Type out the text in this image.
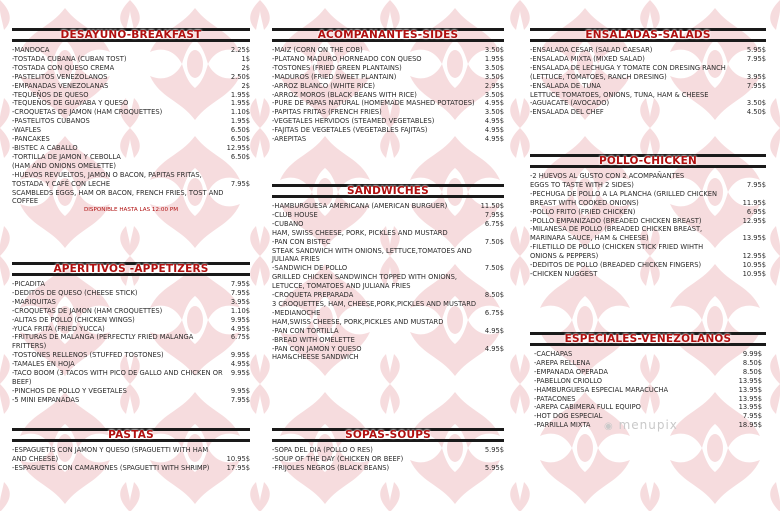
DESAYUNO-BREAKFAST
-MANDOCA	2.25$
-TOSTADA CUBANA (CUBAN TOST)	1$
-TOSTADA CON QUESO CREMA	2$
-PASTELITOS VENEZOLANOS	2.50$
-EMPANADAS VENEZOLANAS	2$
-TEQUEÑOS DE QUESO	1.95$
-TEQUEÑOS DE GUAYABA Y QUESO	1.95$
-CROQUETAS DE JAMON (HAM CROQUETTES)	1.10$
-PASTELITOS CUBANOS	1.95$
-WAFLES	6.50$
-PANCAKES	6.50$
-BISTEC A CABALLO	12.95$
-TORTILLA DE JAMON Y CEBOLLA	6.50$
(HAM AND ONIONS OMELETTE)
-HUEVOS REVUELTOS, JAMON O BACON, PAPITAS FRITAS,
TOSTADA Y CAFÉ CON LECHE	7.95$
SCAMBLEDS EGGS, HAM OR BACON, FRENCH FRIES, TOST AND COFFEE
DISPONIBLE HASTA LAS 12:00 PM
APERITIVOS -APPETIZERS
-PICADITA	7.95$
-DEDITOS DE QUESO (CHEESE STICK)	7.95$
-MARIQUITAS	3.95$
-CROQUETAS DE JAMON (HAM CROQUETTES)	1.10$
-ALITAS DE POLLO (CHICKEN WINGS)	9.95$
-YUCA FRITA (FRIED YUCCA)	4.95$
-FRITURAS DE MALANGA (PERFECTLY FRIED MALANGA FRITTERS)
6.75$
-TOSTONES RELLENOS (STUFFED TOSTONES)	9.95$
-TAMALES EN HOJA	4.95$
-TACO BOOM (3 TACOS WITH PICO DE GALLO AND CHICKEN OR BEEF)
9.95$
-PINCHOS DE POLLO Y VEGETALES	9.95$
-5 MINI EMPANADAS	7.95$
PASTAS
-ESPAGUETIS CON JAMON Y QUESO (SPAGUETTI WITH HAM
AND CHEESE)	10.95$
-ESPAGUETIS CON CAMARONES (SPAGUETTI WITH SHRIMP)	17.95$
ACOMPANANTES-SIDES
-MAIZ (CORN ON THE COB)	3.50$
-PLATANO MADURO HORNEADO CON QUESO	1.95$
-TOSTONES (FRIED GREEN PLANTAINS)	3.50$
-MADUROS (FRIED SWEET PLANTAIN)	3.50$
-ARROZ BLANCO (WHITE RICE)	2.95$
-ARROZ MOROS (BLACK BEANS WITH RICE)	3.50$
-PURE DE PAPAS NATURAL (HOMEMADE MASHED POTATOES)	4.95$
-PAPITAS FRITAS (FRENCH FRIES)	3.50$
-VEGETALES HERVIDOS (STEAMED VEGETABLES)	4.95$
-FAJITAS DE VEGETALES (VEGETABLES FAJITAS)	4.95$
-AREPITAS	4.95$
SANDWICHES
-HAMBURGUESA AMERICANA (AMERICAN BURGUER)	11.50$
-CLUB HOUSE	7.95$
-CUBANO	6.75$
HAM, SWISS CHEESE, PORK, PICKLES AND MUSTARD
-PAN CON BISTEC	7.50$
STEAK SANDWICH WITH ONIONS, LETTUCE,TOMATOES AND
JULIANA FRIES
-SANDWICH DE POLLO	7.50$
GRILLED CHICKEN SANDWINCH TOPPED WITH ONIONS,
LETUCCE, TOMATOES AND JULIANA FRIES
-CROQUETA PREPARADA	8.50$
3 CROQUETTES, HAM, CHEESE,PORK,PICKLES AND MUSTARD
-MEDIANOCHE	6.75$
HAM,SWISS CHEESE, PORK,PICKLES AND MUSTARD
-PAN CON TORTILLA	4.95$
-BREAD WITH OMELETTE
-PAN CON JAMON Y QUESO	4.95$
HAM&CHEESE SANDWICH
SOPAS-SOUPS
-SOPA DEL DIA (POLLO O RES)	5.95$
-SOUP OF THE DAY (CHICKEN OR BEEF)
-FRIJOLES NEGROS (BLACK BEANS)	5.95$
ENSALADAS-SALADS
-ENSALADA CESAR (SALAD CAESAR)	5.95$
-ENSALADA MIXTA (MIXED SALAD)	7.95$
-ENSALADA DE LECHUGA Y TOMATE CON DRESING RANCH
(LETTUCE, TOMATOES, RANCH DRESING)	3.95$
-ENSALADA DE TUNA	7.95$
LETTUCE TOMATOES, ONIONS, TUNA, HAM & CHEESE
-AGUACATE (AVOCADO)	3.50$
-ENSALADA DEL CHEF	4.50$
POLLO-CHICKEN
-2 HUEVOS AL GUSTO CON 2 ACOMPAÑANTES
EGGS TO TASTE WITH 2 SIDES)	7.95$
-PECHUGA DE POLLO A LA PLANCHA (GRILLED CHICKEN
BREAST WITH COOKED ONIONS)	11.95$
-POLLO FRITO (FRIED CHICKEN)	6.95$
-POLLO EMPANIZADO (BREADED CHICKEN BREAST)	12.95$
-MILANESA DE POLLO (BREADED CHICKEN BREAST,
MARINARA SAUCE, HAM & CHEESE)	13.95$
-FILETILLO DE POLLO (CHICKEN STICK FRIED WIHTH
ONIONS & PEPPERS)	12.95$
-DEDITOS DE POLLO (BREADED CHICKEN FINGERS)	10.95$
-CHICKEN NUGGEST	10.95$
ESPECIALES-VENEZOLANOS
-CACHAPAS	9.99$
-AREPA RELLENA	8.50$
-EMPANADA OPERADA	8.50$
-PABELLON CRIOLLO	13.95$
-HAMBURGUESA ESPECIAL MARACUCHA	13.95$
-PATACONES	13.95$
-AREPA CABIMERA FULL EQUIPO	13.95$
-HOT DOG ESPECIAL	7.95$
-PARRILLA MIXTA	18.95$
◉ menupix
